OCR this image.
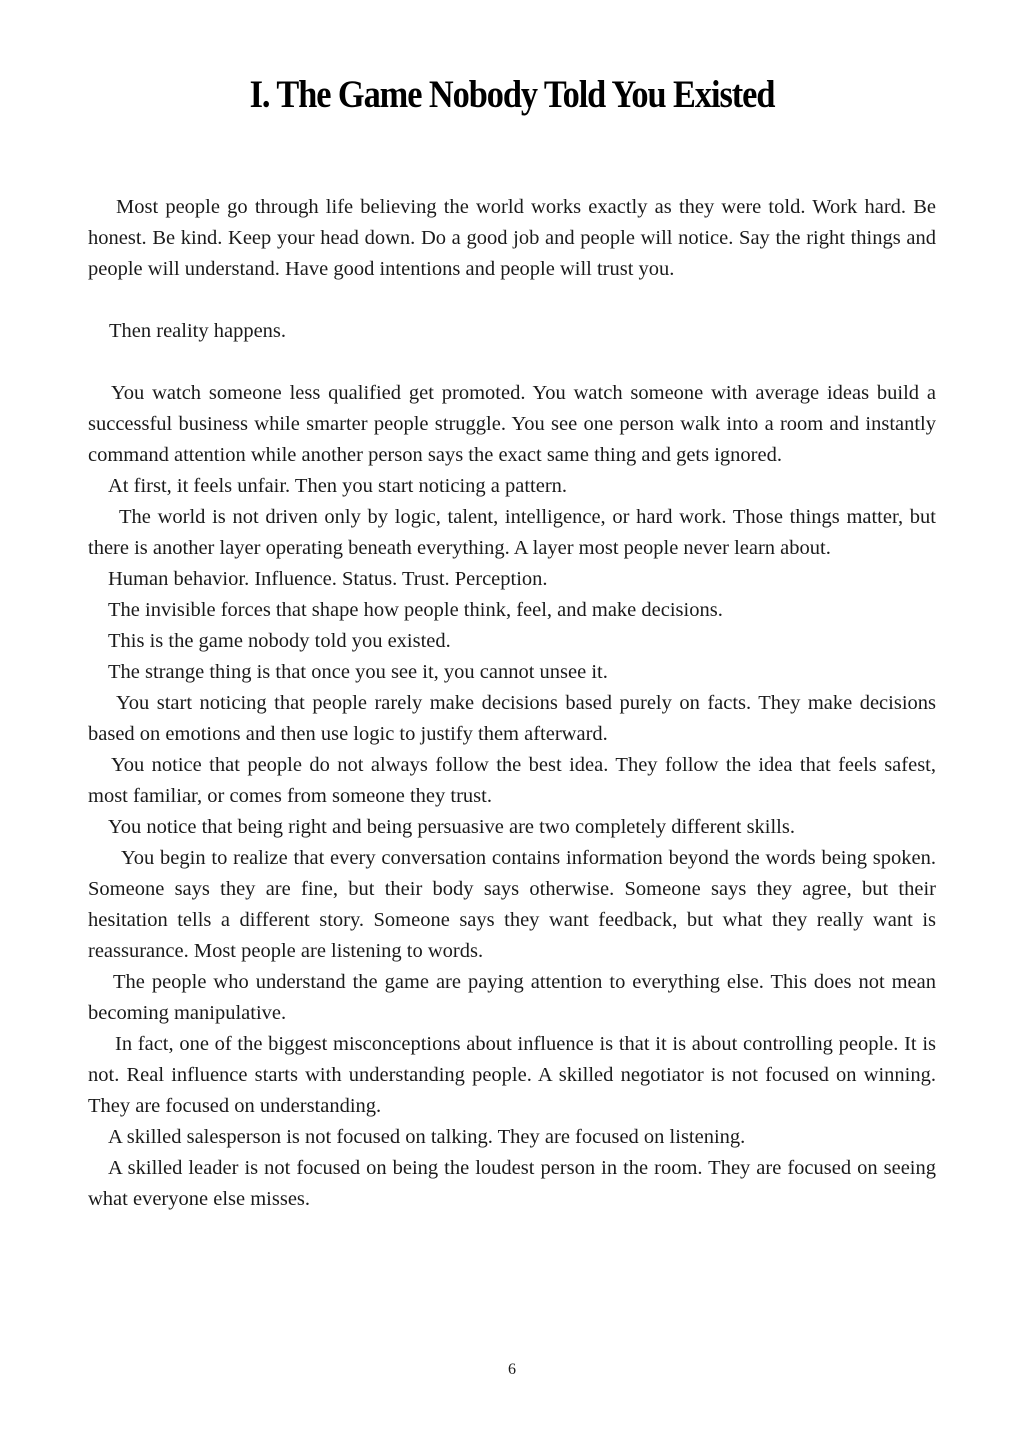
I. The Game Nobody Told You Existed

Most people go through life believing the world works exactly as they were told. Work hard. Be honest. Be kind. Keep your head down. Do a good job and people will notice. Say the right things and people will understand. Have good intentions and people will trust you.

Then reality happens.

You watch someone less qualified get promoted. You watch someone with average ideas build a successful business while smarter people struggle. You see one person walk into a room and instantly command attention while another person says the exact same thing and gets ignored.

At first, it feels unfair. Then you start noticing a pattern.

The world is not driven only by logic, talent, intelligence, or hard work. Those things matter, but there is another layer operating beneath everything. A layer most people never learn about.

Human behavior. Influence. Status. Trust. Perception.

The invisible forces that shape how people think, feel, and make decisions.

This is the game nobody told you existed.

The strange thing is that once you see it, you cannot unsee it.

You start noticing that people rarely make decisions based purely on facts. They make decisions based on emotions and then use logic to justify them afterward.

You notice that people do not always follow the best idea. They follow the idea that feels safest, most familiar, or comes from someone they trust.

You notice that being right and being persuasive are two completely different skills.

You begin to realize that every conversation contains information beyond the words being spoken. Someone says they are fine, but their body says otherwise. Someone says they agree, but their hesitation tells a different story. Someone says they want feedback, but what they really want is reassurance. Most people are listening to words.

The people who understand the game are paying attention to everything else. This does not mean becoming manipulative.

In fact, one of the biggest misconceptions about influence is that it is about controlling people. It is not. Real influence starts with understanding people. A skilled negotiator is not focused on winning. They are focused on understanding.

A skilled salesperson is not focused on talking. They are focused on listening.

A skilled leader is not focused on being the loudest person in the room. They are focused on seeing what everyone else misses.

6
